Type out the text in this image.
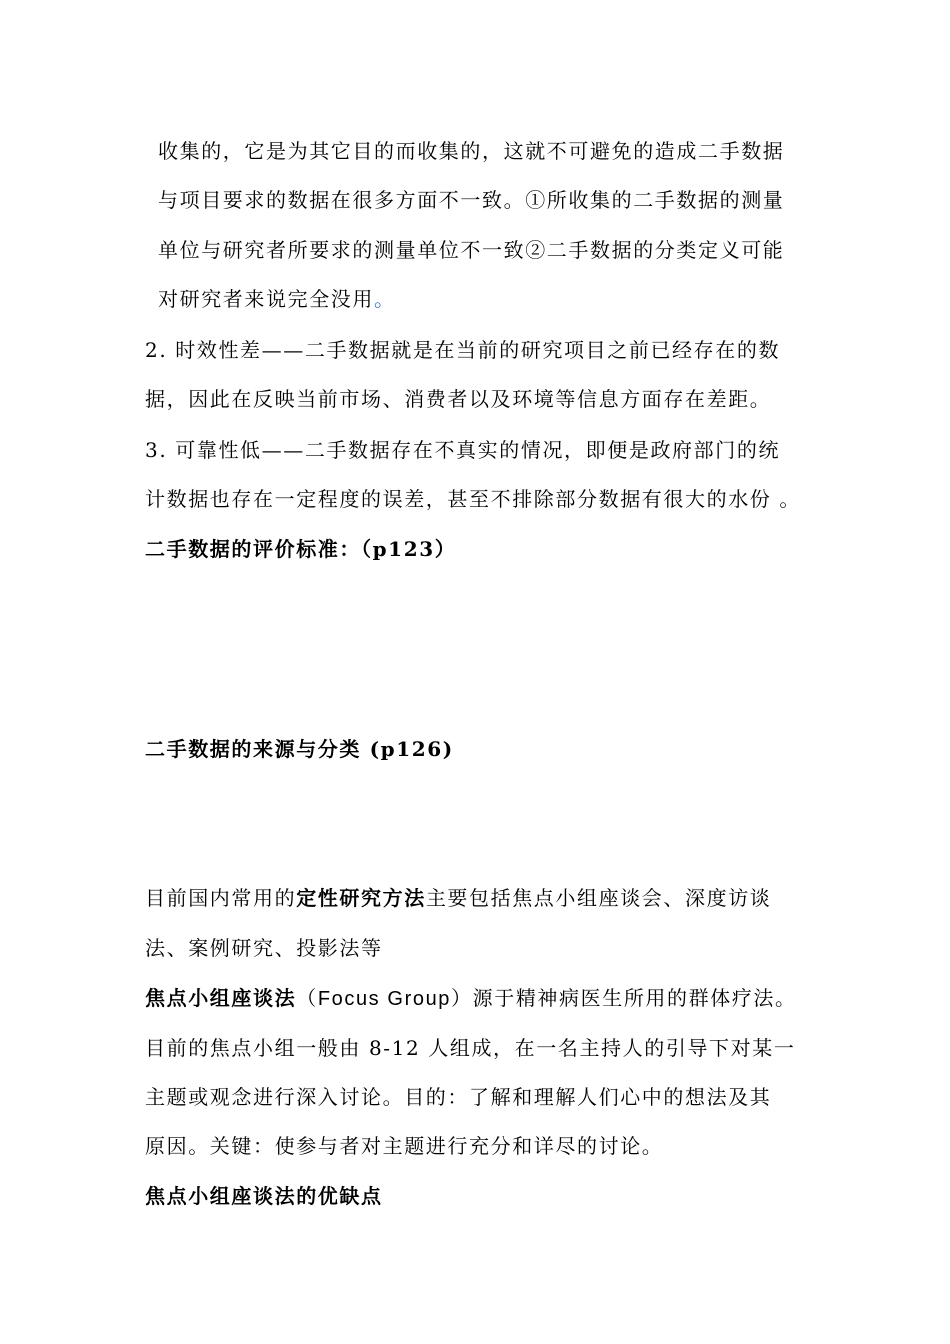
收集的，它是为其它目的而收集的，这就不可避免的造成二手数据
与项目要求的数据在很多方面不一致。①所收集的二手数据的测量
单位与研究者所要求的测量单位不一致②二手数据的分类定义可能
对研究者来说完全没用。
2. 时效性差——二手数据就是在当前的研究项目之前已经存在的数
据，因此在反映当前市场、消费者以及环境等信息方面存在差距。
3. 可靠性低——二手数据存在不真实的情况，即便是政府部门的统
计数据也存在一定程度的误差，甚至不排除部分数据有很大的水份 。
二手数据的评价标准：（p123）
二手数据的来源与分类 (p126)
目前国内常用的定性研究方法主要包括焦点小组座谈会、深度访谈
法、案例研究、投影法等
焦点小组座谈法（Focus Group）源于精神病医生所用的群体疗法。
目前的焦点小组一般由 8-12 人组成，在一名主持人的引导下对某一
主题或观念进行深入讨论。目的：了解和理解人们心中的想法及其
原因。关键：使参与者对主题进行充分和详尽的讨论。
焦点小组座谈法的优缺点
